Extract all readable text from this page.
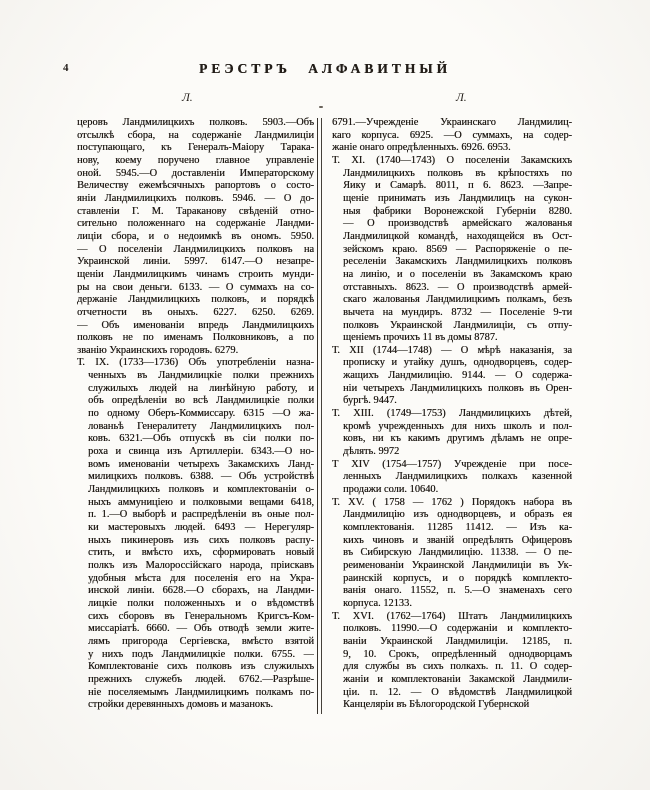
4	РЕЭСТРЪ АЛФАВИТНЫЙ
Л.	Л.
церовъ Ландмилицкихъ полковъ. 5903.—Объ
отсылкѣ сбора, на содержаніе Ландмилиціи
поступающаго, къ Генералъ-Маіору Тарака-
нову, коему поручено главное управленіе
оной. 5945.—О доставленіи Императорскому
Величеству ежемѣсячныхъ рапортовъ о состо-
яніи Ландмилицкихъ полковъ. 5946. — О до-
ставленіи Г. М. Тараканову свѣденій отно-
сительно положеннаго на содержаніе Ландми-
лиціи сбора, и о недоимкѣ въ ономъ. 5950.
— О поселеніи Ландмилицкихъ полковъ на
Украинской линіи. 5997. 6147.—О незапре-
щеніи Ландмилицкимъ чинамъ строить мунди-
ры на свои деньги. 6133. — О суммахъ на со-
держаніе Ландмилицкихъ полковъ, и порядкѣ
отчетности въ оныхъ. 6227. 6250. 6269.
— Объ именованіи впредь Ландмилицкихъ
полковъ не по именамъ Полковниковъ, а по
званію Украинскихъ городовъ. 6279.
Т. IX. (1733—1736) Объ употребленіи назна-
ченныхъ въ Ландмилицкіе полки прежнихъ
служилыхъ людей на линѣйную работу, и
объ опредѣленіи во всѣ Ландмилицкіе полки
по одному Оберъ-Коммиссару. 6315 —О жа-
лованьѣ Генералитету Ландмилицкихъ пол-
ковъ. 6321.—Объ отпускѣ въ сіи полки по-
роха и свинца изъ Артиллеріи. 6343.—О но-
вомъ именованіи четырехъ Закамскихъ Ланд-
милицкихъ полковъ. 6388. — Объ устройствѣ
Ландмилицкихъ полковъ и комплектованіи о-
ныхъ аммуниціею и полковыми вещами 6418,
п. 1.—О выборѣ и распредѣленіи въ оные пол-
ки мастеровыхъ людей. 6493 — Нерегуляр-
ныхъ пикинеровъ изъ сихъ полковъ распу-
стить, и вмѣсто ихъ, сформировать новый
полкъ изъ Малороссійскаго народа, пріискавъ
удобныя мѣста для поселенія его на Укра-
инской линіи. 6628.—О сборахъ, на Ландми-
лицкіе полки положенныхъ и о вѣдомствѣ
сихъ сборовъ въ Генеральномъ Кригсъ-Ком-
миссаріатѣ. 6660. — Объ отводѣ земли жите-
лямъ пригорода Сергіевска, вмѣсто взятой
у нихъ подъ Ландмилицкіе полки. 6755. —
Комплектованіе сихъ полковъ изъ служилыхъ
прежнихъ служебъ людей. 6762.—Разрѣше-
ніе поселяемымъ Ландмилицкимъ полкамъ по-
стройки деревянныхъ домовъ и мазанокъ.
6791.—Учрежденіе Украинскаго Ландмилиц-
каго корпуса. 6925. —О суммахъ, на содер-
жаніе онаго опредѣленныхъ. 6926. 6953.
Т. XI. (1740—1743) О поселеніи Закамскихъ
Ландмилицкихъ полковъ въ крѣпостяхъ по
Яику и Самарѣ. 8011, п 6. 8623. —Запре-
щеніе принимать изъ Ландмилицъ на сукон-
ныя фабрики Воронежской Губерніи 8280.
— О производствѣ армейскаго жалованья
Ландмилицкой командѣ, находящейся въ Ост-
зейскомъ краю. 8569 — Распоряженіе о пе-
реселеніи Закамскихъ Ландмилицкихъ полковъ
на линію, и о поселеніи въ Закамскомъ краю
отставныхъ. 8623. — О производствѣ армей-
скаго жалованья Ландмилицкимъ полкамъ, безъ
вычета на мундиръ. 8732 — Поселеніе 9-ти
полковъ Украинской Ландмилиціи, съ отпу-
щеніемъ прочихъ 11 въ домы 8787.
Т. XII (1744—1748) — О мѣрѣ наказанія, за
прописку и утайку душъ, однодворцевъ, содер-
жащихъ Ландмилицію. 9144. — О содержа-
ніи четырехъ Ландмилицкихъ полковъ въ Орен-
бургѣ. 9447.
Т. XIII. (1749—1753) Ландмилицкихъ дѣтей,
кромѣ учрежденныхъ для нихъ школъ и пол-
ковъ, ни къ какимъ другимъ дѣламъ не опре-
дѣлять. 9972
Т XIV (1754—1757) Учрежденіе при посе-
ленныхъ Ландмилицкихъ полкахъ казенной
продажи соли. 10640.
Т. XV. ( 1758 — 1762 ) Порядокъ набора въ
Ландмилицію изъ однодворцевъ, и образъ ея
комплектованія. 11285 11412. — Изъ ка-
кихъ чиновъ и званій опредѣлять Офицеровъ
въ Сибирскую Ландмилицію. 11338. — О пе-
реименованіи Украинской Ландмилиціи въ Ук-
раинскій корпусъ, и о порядкѣ комплекто-
ванія онаго. 11552, п. 5.—О знаменахъ сего
корпуса. 12133.
Т. XVI. (1762—1764) Штатъ Ландмилицкихъ
полковъ. 11990.—О содержаніи и комплекто-
ваніи Украинской Ландмилиціи. 12185, п.
9, 10. Срокъ, опредѣленный однодворцамъ
для службы въ сихъ полкахъ. п. 11. О содер-
жаніи и комплектованіи Закамской Ландмили-
ціи. п. 12. — О вѣдомствѣ Ландмилицкой
Канцеляріи въ Бѣлогородской Губернской
